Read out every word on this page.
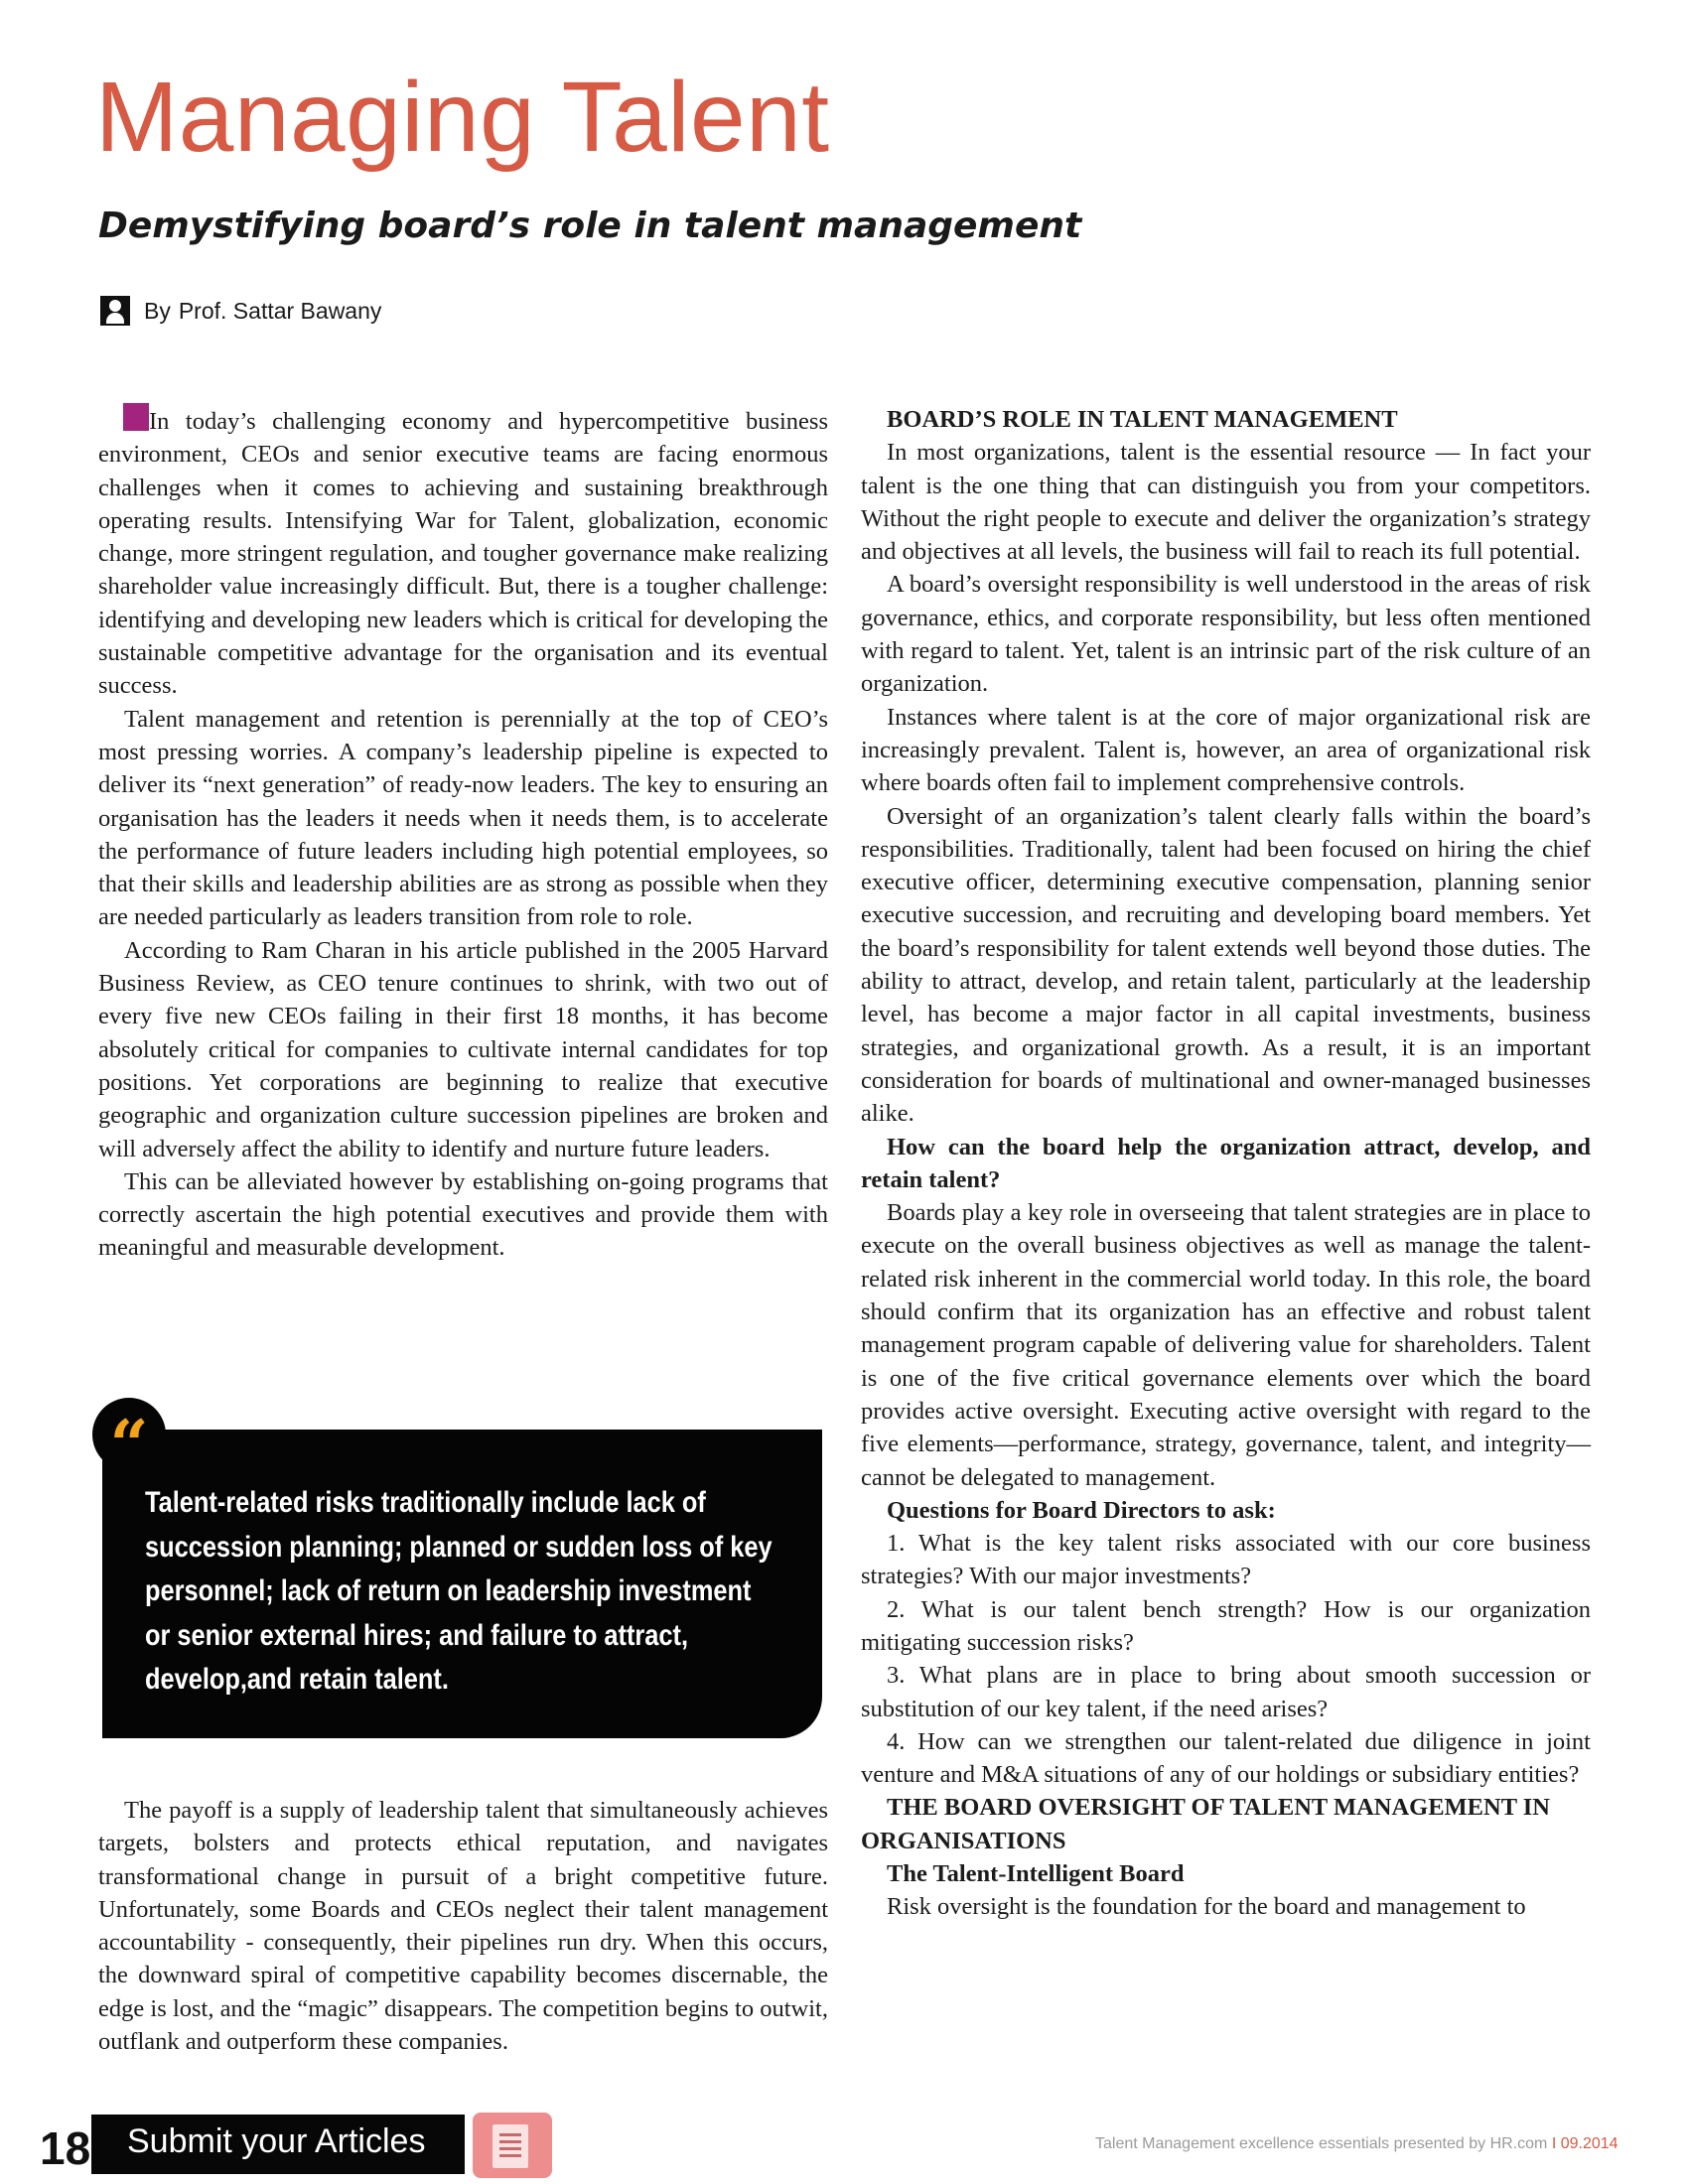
Managing Talent
Demystifying board’s role in talent management
By Prof. Sattar Bawany

In today’s challenging economy and hypercompetitive business environment, CEOs and senior executive teams are facing enormous challenges when it comes to achieving and sustaining breakthrough operating results. Intensifying War for Talent, globalization, economic change, more stringent regulation, and tougher governance make realizing shareholder value increasingly difficult. But, there is a tougher challenge: identifying and developing new leaders which is critical for developing the sustainable competitive advantage for the organisation and its eventual success.

Talent management and retention is perennially at the top of CEO’s most pressing worries. A company’s leadership pipeline is expected to deliver its “next generation” of ready-now leaders. The key to ensuring an organisation has the leaders it needs when it needs them, is to accelerate the performance of future leaders including high potential employees, so that their skills and leadership abilities are as strong as possible when they are needed particularly as leaders transition from role to role.

According to Ram Charan in his article published in the 2005 Harvard Business Review, as CEO tenure continues to shrink, with two out of every five new CEOs failing in their first 18 months, it has become absolutely critical for companies to cultivate internal candidates for top positions. Yet corporations are beginning to realize that executive geographic and organization culture succession pipelines are broken and will adversely affect the ability to identify and nurture future leaders.

This can be alleviated however by establishing on-going programs that correctly ascertain the high potential executives and provide them with meaningful and measurable development.

“

Talent-related risks traditionally include lack of succession planning; planned or sudden loss of key personnel; lack of return on leadership investment or senior external hires; and failure to attract, develop,and retain talent.

The payoff is a supply of leadership talent that simultaneously achieves targets, bolsters and protects ethical reputation, and navigates transformational change in pursuit of a bright competitive future. Unfortunately, some Boards and CEOs neglect their talent management accountability - consequently, their pipelines run dry. When this occurs, the downward spiral of competitive capability becomes discernable, the edge is lost, and the “magic” disappears. The competition begins to outwit, outflank and outperform these companies.

BOARD’S ROLE IN TALENT MANAGEMENT

In most organizations, talent is the essential resource — In fact your talent is the one thing that can distinguish you from your competitors. Without the right people to execute and deliver the organization’s strategy and objectives at all levels, the business will fail to reach its full potential.

A board’s oversight responsibility is well understood in the areas of risk governance, ethics, and corporate responsibility, but less often mentioned with regard to talent. Yet, talent is an intrinsic part of the risk culture of an organization.

Instances where talent is at the core of major organizational risk are increasingly prevalent. Talent is, however, an area of organizational risk where boards often fail to implement comprehensive controls.

Oversight of an organization’s talent clearly falls within the board’s responsibilities. Traditionally, talent had been focused on hiring the chief executive officer, determining executive compensation, planning senior executive succession, and recruiting and developing board members. Yet the board’s responsibility for talent extends well beyond those duties. The ability to attract, develop, and retain talent, particularly at the leadership level, has become a major factor in all capital investments, business strategies, and organizational growth. As a result, it is an important consideration for boards of multinational and owner-managed businesses alike.

How can the board help the organization attract, develop, and retain talent?

Boards play a key role in overseeing that talent strategies are in place to execute on the overall business objectives as well as manage the talent-related risk inherent in the commercial world today. In this role, the board should confirm that its organization has an effective and robust talent management program capable of delivering value for shareholders. Talent is one of the five critical governance elements over which the board provides active oversight. Executing active oversight with regard to the five elements—performance, strategy, governance, talent, and integrity—cannot be delegated to management.

Questions for Board Directors to ask:

1. What is the key talent risks associated with our core business strategies? With our major investments?

2. What is our talent bench strength? How is our organization mitigating succession risks?

3. What plans are in place to bring about smooth succession or substitution of our key talent, if the need arises?

4. How can we strengthen our talent-related due diligence in joint venture and M&A situations of any of our holdings or subsidiary entities?

THE BOARD OVERSIGHT OF TALENT MANAGEMENT IN ORGANISATIONS

The Talent-Intelligent Board

Risk oversight is the foundation for the board and management to

18 Submit your Articles	Talent Management excellence essentials presented by HR.com I 09.2014
